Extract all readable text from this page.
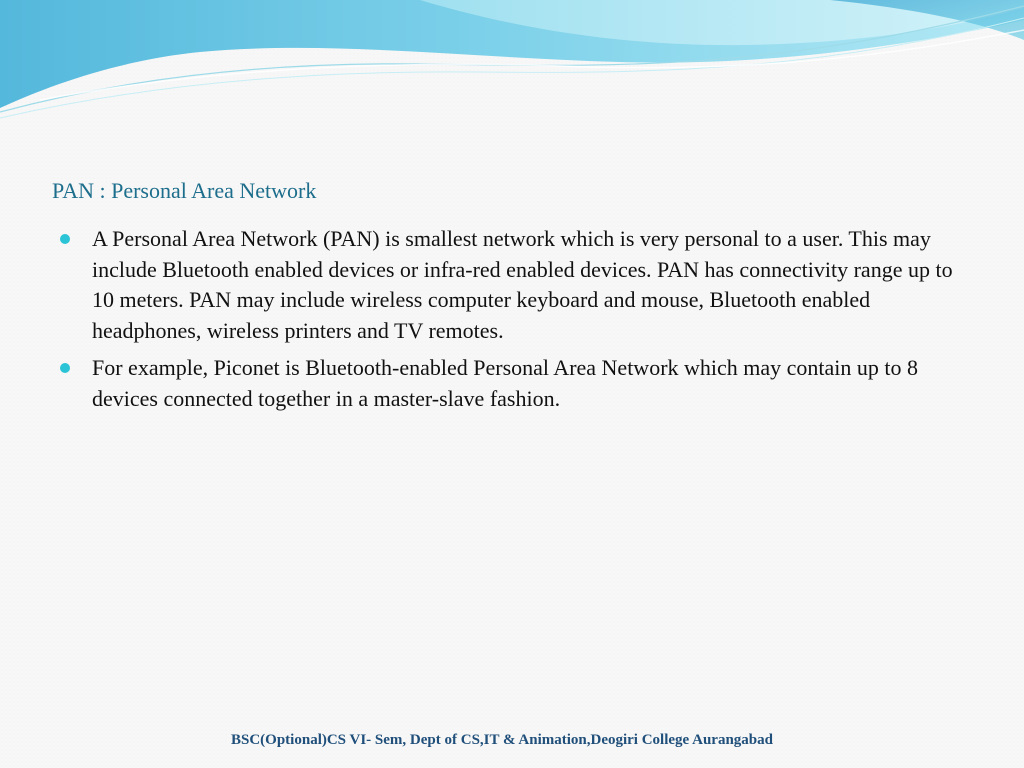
PAN : Personal Area Network
A Personal Area Network (PAN) is smallest network which is very personal to a user. This may include Bluetooth enabled devices or infra-red enabled devices. PAN has connectivity range up to 10 meters. PAN may include wireless computer keyboard and mouse, Bluetooth enabled headphones, wireless printers and TV remotes.
For example, Piconet is Bluetooth-enabled Personal Area Network which may contain up to 8 devices connected together in a master-slave fashion.
BSC(Optional)CS VI- Sem, Dept of CS,IT & Animation,Deogiri College Aurangabad
